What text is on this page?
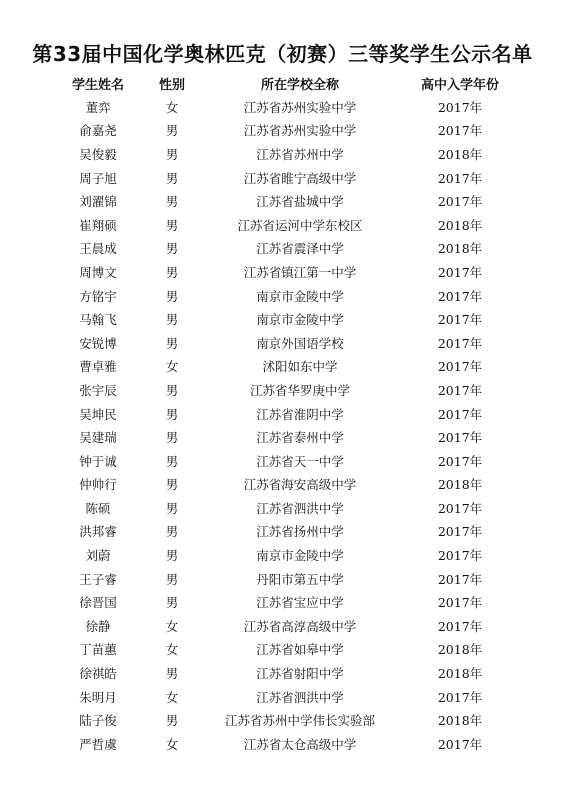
第33届中国化学奥林匹克（初赛）三等奖学生公示名单
学生姓名	性别	所在学校全称	高中入学年份
董弈	女	江苏省苏州实验中学	2017年
俞嘉尧	男	江苏省苏州实验中学	2017年
吴俊毅	男	江苏省苏州中学	2018年
周子旭	男	江苏省睢宁高级中学	2017年
刘濯锦	男	江苏省盐城中学	2017年
崔翔硕	男	江苏省运河中学东校区	2018年
王晨成	男	江苏省震泽中学	2018年
周博文	男	江苏省镇江第一中学	2017年
方铭宇	男	南京市金陵中学	2017年
马翰飞	男	南京市金陵中学	2017年
安锐博	男	南京外国语学校	2017年
曹卓雅	女	沭阳如东中学	2017年
张宇辰	男	江苏省华罗庚中学	2017年
吴坤民	男	江苏省淮阴中学	2017年
吴建瑞	男	江苏省泰州中学	2017年
钟于诚	男	江苏省天一中学	2017年
仲帅行	男	江苏省海安高级中学	2018年
陈硕	男	江苏省泗洪中学	2017年
洪邦睿	男	江苏省扬州中学	2017年
刘蔚	男	南京市金陵中学	2017年
王子睿	男	丹阳市第五中学	2017年
徐晋国	男	江苏省宝应中学	2017年
徐静	女	江苏省高淳高级中学	2017年
丁苗蕙	女	江苏省如皋中学	2018年
徐祺皓	男	江苏省射阳中学	2018年
朱明月	女	江苏省泗洪中学	2017年
陆子俊	男	江苏省苏州中学伟长实验部	2018年
严哲虞	女	江苏省太仓高级中学	2017年
